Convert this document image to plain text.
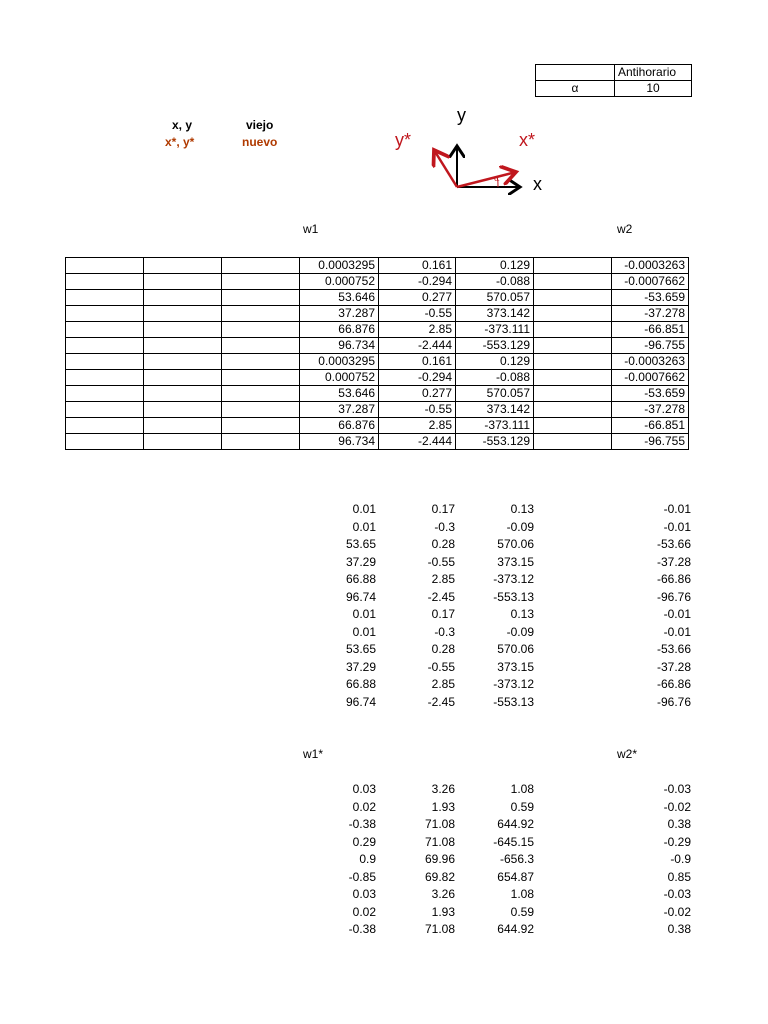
	Antihorario
α	10
x, y	viejo
x*, y*	nuevo
α
y
x
y*	x*
w1	w2
			0.0003295	0.161	0.129		-0.0003263
			0.000752	-0.294	-0.088		-0.0007662
			53.646	0.277	570.057		-53.659
			37.287	-0.55	373.142		-37.278
			66.876	2.85	-373.111		-66.851
			96.734	-2.444	-553.129		-96.755
			0.0003295	0.161	0.129		-0.0003263
			0.000752	-0.294	-0.088		-0.0007662
			53.646	0.277	570.057		-53.659
			37.287	-0.55	373.142		-37.278
			66.876	2.85	-373.111		-66.851
			96.734	-2.444	-553.129		-96.755
0.01	0.17	0.13	-0.01
0.01	-0.3	-0.09	-0.01
53.65	0.28	570.06	-53.66
37.29	-0.55	373.15	-37.28
66.88	2.85	-373.12	-66.86
96.74	-2.45	-553.13	-96.76
0.01	0.17	0.13	-0.01
0.01	-0.3	-0.09	-0.01
53.65	0.28	570.06	-53.66
37.29	-0.55	373.15	-37.28
66.88	2.85	-373.12	-66.86
96.74	-2.45	-553.13	-96.76
w1*	w2*
0.03	3.26	1.08	-0.03
0.02	1.93	0.59	-0.02
-0.38	71.08	644.92	0.38
0.29	71.08	-645.15	-0.29
0.9	69.96	-656.3	-0.9
-0.85	69.82	654.87	0.85
0.03	3.26	1.08	-0.03
0.02	1.93	0.59	-0.02
-0.38	71.08	644.92	0.38
